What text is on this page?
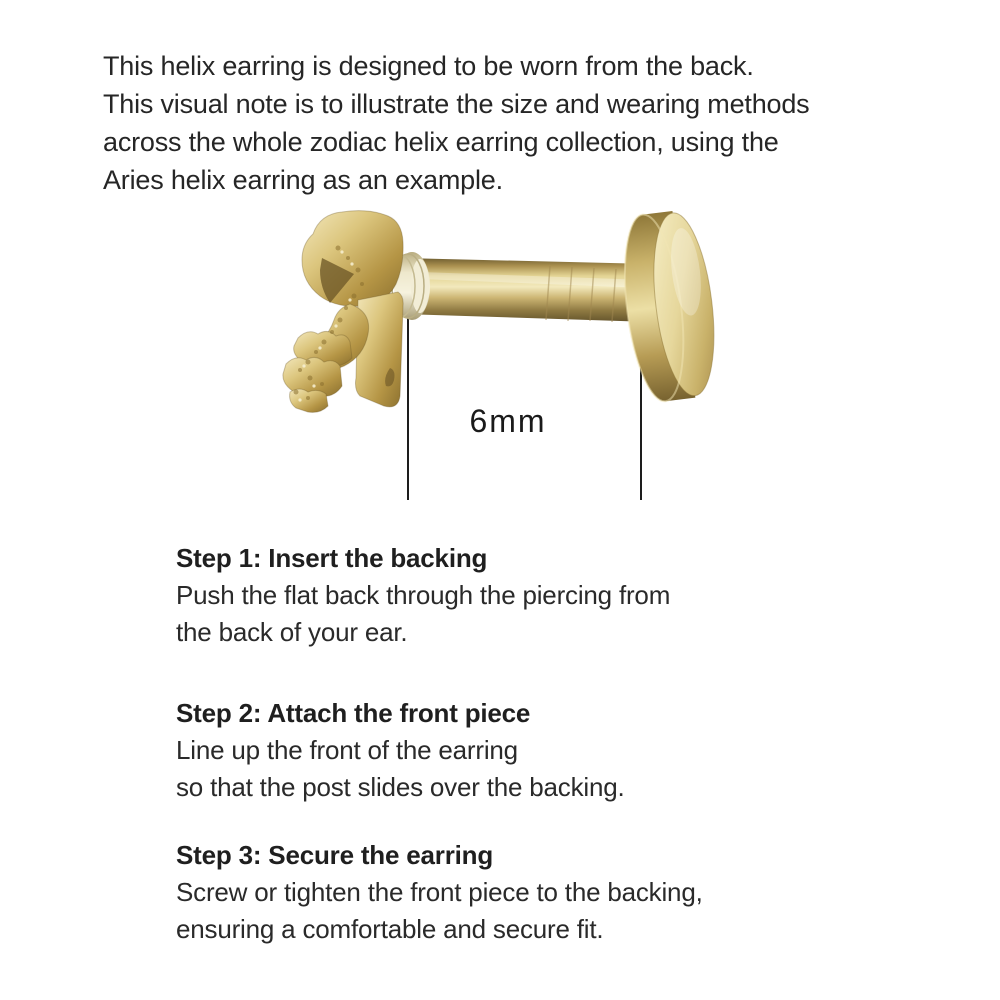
This helix earring is designed to be worn from the back.
This visual note is to illustrate the size and wearing methods
across the whole zodiac helix earring collection, using the
Aries helix earring as an example.
6mm
Step 1: Insert the backing
Push the flat back through the piercing from
the back of your ear.
Step 2: Attach the front piece
Line up the front of the earring
so that the post slides over the backing.
Step 3: Secure the earring
Screw or tighten the front piece to the backing,
ensuring a comfortable and secure fit.
